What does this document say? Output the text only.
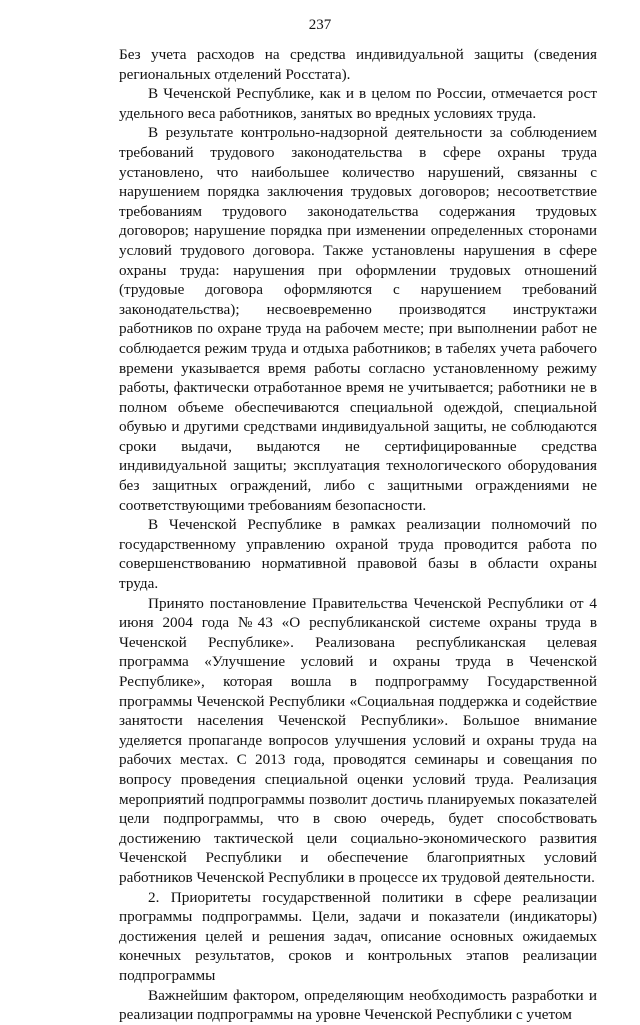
237

Без учета расходов на средства индивидуальной защиты (сведения региональных отделений Росстата).

В Чеченской Республике, как и в целом по России, отмечается рост удельного веса работников, занятых во вредных условиях труда.

В результате контрольно-надзорной деятельности за соблюдением требований трудового законодательства в сфере охраны труда установлено, что наибольшее количество нарушений, связанны с нарушением порядка заключения трудовых договоров; несоответствие требованиям трудового законодательства содержания трудовых договоров; нарушение порядка при изменении определенных сторонами условий трудового договора. Также установлены нарушения в сфере охраны труда: нарушения при оформлении трудовых отношений (трудовые договора оформляются с нарушением требований законодательства); несвоевременно производятся инструктажи работников по охране труда на рабочем месте; при выполнении работ не соблюдается режим труда и отдыха работников; в табелях учета рабочего времени указывается время работы согласно установленному режиму работы, фактически отработанное время не учитывается; работники не в полном объеме обеспечиваются специальной одеждой, специальной обувью и другими средствами индивидуальной защиты, не соблюдаются сроки выдачи, выдаются не сертифицированные средства индивидуальной защиты; эксплуатация технологического оборудования без защитных ограждений, либо с защитными ограждениями не соответствующими требованиям безопасности.

В Чеченской Республике в рамках реализации полномочий по государственному управлению охраной труда проводится работа по совершенствованию нормативной правовой базы в области охраны труда.

Принято постановление Правительства Чеченской Республики от 4 июня 2004 года №43 «О республиканской системе охраны труда в Чеченской Республике». Реализована республиканская целевая программа «Улучшение условий и охраны труда в Чеченской Республике», которая вошла в подпрограмму Государственной программы Чеченской Республики «Социальная поддержка и содействие занятости населения Чеченской Республики». Большое внимание уделяется пропаганде вопросов улучшения условий и охраны труда на рабочих местах. С 2013 года, проводятся семинары и совещания по вопросу проведения специальной оценки условий труда. Реализация мероприятий подпрограммы позволит достичь планируемых показателей цели подпрограммы, что в свою очередь, будет способствовать достижению тактической цели социально-экономического развития Чеченской Республики и обеспечение благоприятных условий работников Чеченской Республики в процессе их трудовой деятельности.

2. Приоритеты государственной политики в сфере реализации программы подпрограммы. Цели, задачи и показатели (индикаторы) достижения целей и решения задач, описание основных ожидаемых конечных результатов, сроков и контрольных этапов реализации подпрограммы

Важнейшим фактором, определяющим необходимость разработки и реализации подпрограммы на уровне Чеченской Республики с учетом
